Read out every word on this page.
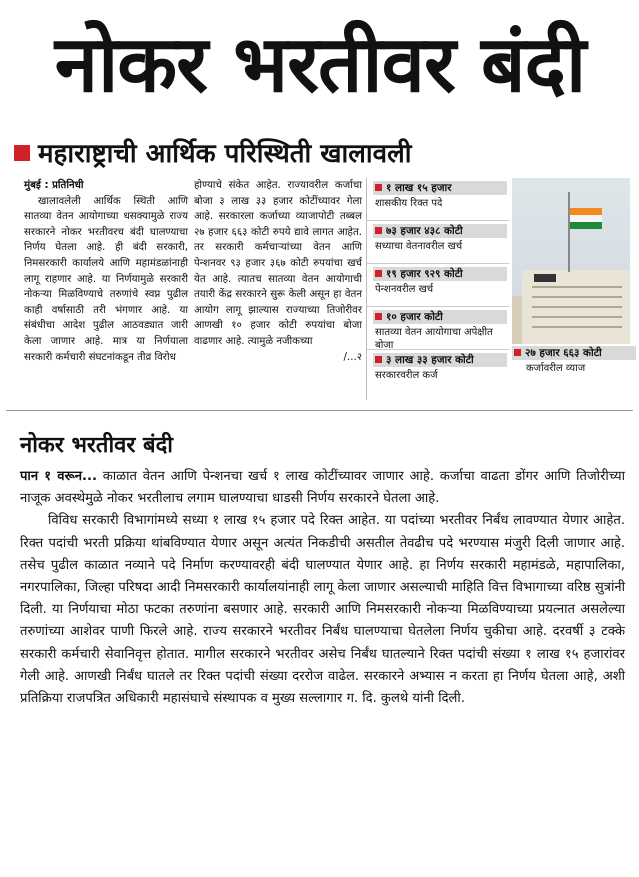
नोकर भरतीवर बंदी
महाराष्ट्राची आर्थिक परिस्थिती खालावली

मुंबई : प्रतिनिधी

खालावलेली आर्थिक स्थिती आणि सातव्या वेतन आयोगाच्या धसक्यामुळे राज्य सरकारने नोकर भरतीवरच बंदी घालण्याचा निर्णय घेतला आहे. ही बंदी सरकारी, निमसरकारी कार्यालये आणि महामंडळांनाही लागू राहणार आहे. या निर्णयामुळे सरकारी नोकऱ्या मिळविण्याचे तरुणांचे स्वप्न पुढील काही वर्षासाठी तरी भंगणार आहे. या संबंधीचा आदेश पुढील आठवड्यात जारी केला जाणार आहे. मात्र या निर्णयाला सरकारी कर्मचारी संघटनांकडून तीव्र विरोध

होण्याचे संकेत आहेत. राज्यावरील कर्जाचा बोजा ३ लाख ३३ हजार कोटींच्यावर गेला आहे. सरकारला कर्जाच्या व्याजापोटी तब्बल २७ हजार ६६३ कोटी रुपये द्यावे लागत आहेत. तर सरकारी कर्मचाऱ्यांच्या वेतन आणि पेन्शनवर ९३ हजार ३६७ कोटी रुपयांचा खर्च येत आहे. त्यातच सातव्या वेतन आयोगाची तयारी केंद्र सरकारने सुरू केली असून हा वेतन आयोग लागू झाल्यास राज्याच्या तिजोरीवर आणखी १० हजार कोटी रुपयांचा बोजा वाढणार आहे. त्यामुळे नजीकच्या

/...२

१ लाख १५ हजार
शासकीय रिक्त पदे
७३ हजार ४३८ कोटी
सध्याचा वेतनावरील खर्च
१९ हजार ९२९ कोटी
पेन्शनवरील खर्च
१० हजार कोटी
सातव्या वेतन आयोगाचा अपेक्षीत बोजा
३ लाख ३३ हजार कोटी
सरकारवरील कर्ज
२७ हजार ६६३ कोटी
कर्जावरील व्याज
नोकर भरतीवर बंदी

पान १ वरून... काळात वेतन आणि पेन्शनचा खर्च १ लाख कोटींच्यावर जाणार आहे. कर्जाचा वाढता डोंगर आणि तिजोरीच्या नाजूक अवस्थेमुळे नोकर भरतीलाच लगाम घालण्याचा धाडसी निर्णय सरकारने घेतला आहे.

विविध सरकारी विभागांमध्ये सध्या १ लाख १५ हजार पदे रिक्त आहेत. या पदांच्या भरतीवर निर्बंध लावण्यात येणार आहेत. रिक्त पदांची भरती प्रक्रिया थांबविण्यात येणार असून अत्यंत निकडीची असतील तेवढीच पदे भरण्यास मंजुरी दिली जाणार आहे. तसेच पुढील काळात नव्याने पदे निर्माण करण्यावरही बंदी घालण्यात येणार आहे. हा निर्णय सरकारी महामंडळे, महापालिका, नगरपालिका, जिल्हा परिषदा आदी निमसरकारी कार्यालयांनाही लागू केला जाणार असल्याची माहिति वित्त विभागाच्या वरिष्ठ सुत्रांनी दिली. या निर्णयाचा मोठा फटका तरुणांना बसणार आहे. सरकारी आणि निमसरकारी नोकऱ्या मिळविण्याच्या प्रयत्नात असलेल्या तरुणांच्या आशेवर पाणी फिरले आहे. राज्य सरकारने भरतीवर निर्बंध घालण्याचा घेतलेला निर्णय चुकीचा आहे. दरवर्षी ३ टक्के सरकारी कर्मचारी सेवानिवृत्त होतात. मागील सरकारने भरतीवर असेच निर्बंध घातल्याने रिक्त पदांची संख्या १ लाख १५ हजारांवर गेली आहे. आणखी निर्बंध घातले तर रिक्त पदांची संख्या दररोज वाढेल. सरकारने अभ्यास न करता हा निर्णय घेतला आहे, अशी प्रतिक्रिया राजपत्रित अधिकारी महासंघाचे संस्थापक व मुख्य सल्लागार ग. दि. कुलथे यांनी दिली.
